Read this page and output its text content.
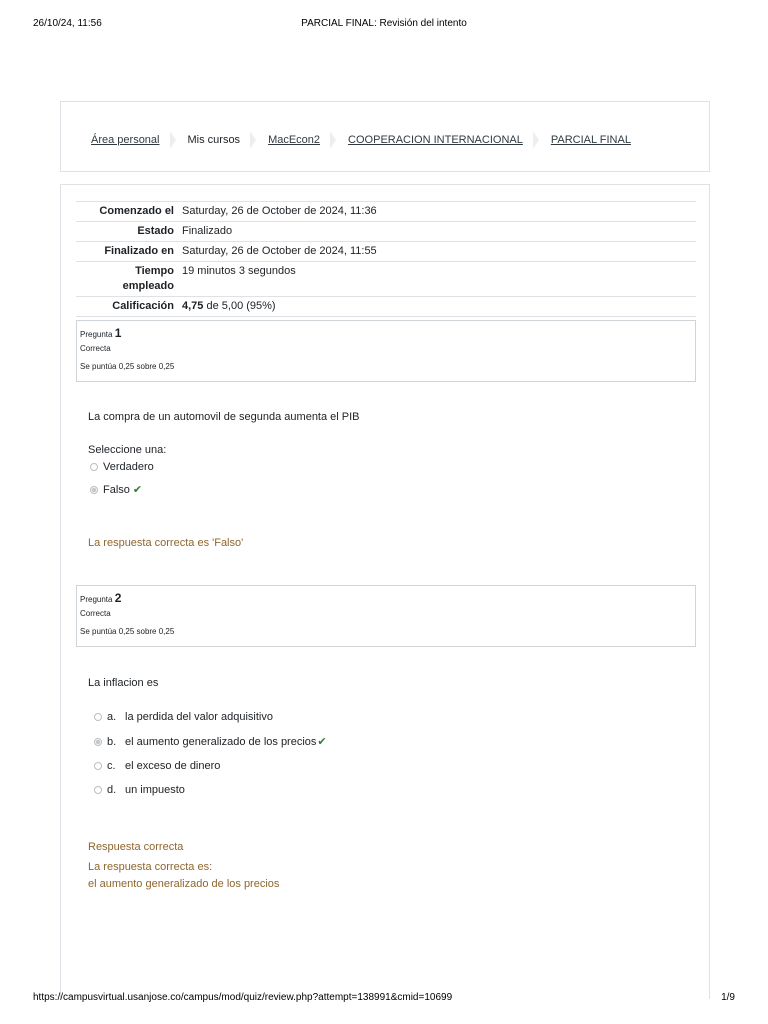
26/10/24, 11:56	PARCIAL FINAL: Revisión del intento
Área personal	Mis cursos	MacEcon2	COOPERACION INTERNACIONAL	PARCIAL FINAL
Comenzado el	Saturday, 26 de October de 2024, 11:36
Estado	Finalizado
Finalizado en	Saturday, 26 de October de 2024, 11:55
Tiempo
empleado	19 minutos 3 segundos
Calificación	4,75 de 5,00 (95%)
Pregunta 1
Correcta
Se puntúa 0,25 sobre 0,25
La compra de un automovil de segunda aumenta el PIB
Seleccione una:
Verdadero
Falso ✔
La respuesta correcta es 'Falso'
Pregunta 2
Correcta
Se puntúa 0,25 sobre 0,25
La inflacion es
a. la perdida del valor adquisitivo
b. el aumento generalizado de los precios ✔
c. el exceso de dinero
d. un impuesto
Respuesta correcta
La respuesta correcta es:
el aumento generalizado de los precios
https://campusvirtual.usanjose.co/campus/mod/quiz/review.php?attempt=138991&cmid=10699	1/9
